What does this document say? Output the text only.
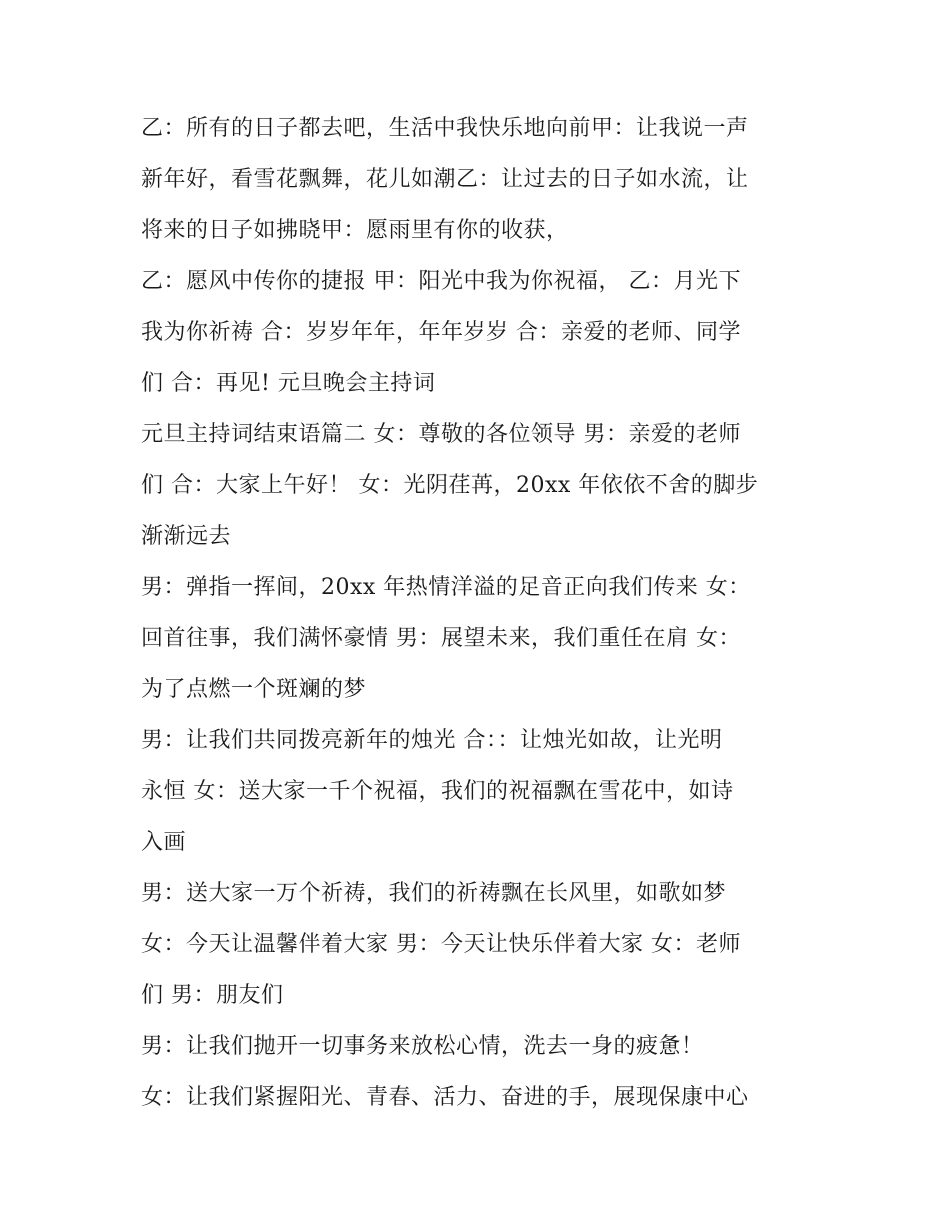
乙：所有的日子都去吧，生活中我快乐地向前甲：让我说一声
新年好，看雪花飘舞，花儿如潮乙：让过去的日子如水流，让
将来的日子如拂晓甲：愿雨里有你的收获，
乙：愿风中传你的捷报 甲：阳光中我为你祝福， 乙：月光下
我为你祈祷 合：岁岁年年，年年岁岁 合：亲爱的老师、同学
们 合：再见! 元旦晚会主持词
元旦主持词结束语篇二 女：尊敬的各位领导 男：亲爱的老师
们 合：大家上午好！ 女：光阴荏苒，20xx 年依依不舍的脚步
渐渐远去
男：弹指一挥间，20xx 年热情洋溢的足音正向我们传来 女：
回首往事，我们满怀豪情 男：展望未来，我们重任在肩 女：
为了点燃一个斑斓的梦
男：让我们共同拨亮新年的烛光 合：：让烛光如故，让光明
永恒 女：送大家一千个祝福，我们的祝福飘在雪花中，如诗
入画
男：送大家一万个祈祷，我们的祈祷飘在长风里，如歌如梦
女：今天让温馨伴着大家 男：今天让快乐伴着大家 女：老师
们 男：朋友们
男：让我们抛开一切事务来放松心情，洗去一身的疲惫！
女：让我们紧握阳光、青春、活力、奋进的手，展现保康中心
